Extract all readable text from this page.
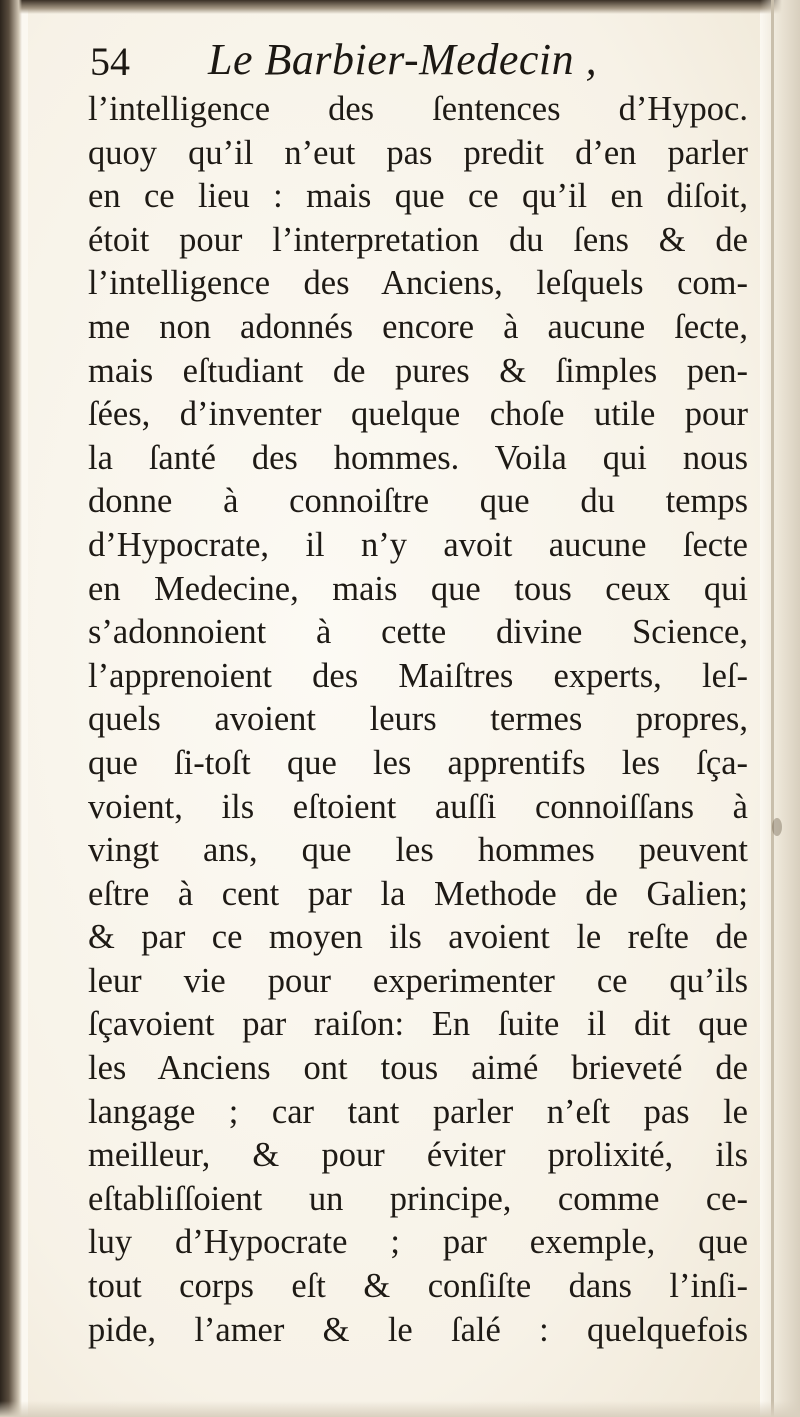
54 Le Barbier-Medecin ,
l’intelligence des ſentences d’Hypoc.
quoy qu’il n’eut pas predit d’en parler
en ce lieu : mais que ce qu’il en diſoit,
étoit pour l’interpretation du ſens & de
l’intelligence des Anciens, leſquels com-
me non adonnés encore à aucune ſecte,
mais eſtudiant de pures & ſimples pen-
ſées, d’inventer quelque choſe utile pour
la ſanté des hommes. Voila qui nous
donne à connoiſtre que du temps
d’Hypocrate, il n’y avoit aucune ſecte
en Medecine, mais que tous ceux qui
s’adonnoient à cette divine Science,
l’apprenoient des Maiſtres experts, leſ-
quels avoient leurs termes propres,
que ſi-toſt que les apprentifs les ſça-
voient, ils eſtoient auſſi connoiſſans à
vingt ans, que les hommes peuvent
eſtre à cent par la Methode de Galien;
& par ce moyen ils avoient le reſte de
leur vie pour experimenter ce qu’ils
ſçavoient par raiſon: En ſuite il dit que
les Anciens ont tous aimé brieveté de
langage ; car tant parler n’eſt pas le
meilleur, & pour éviter prolixité, ils
eſtabliſſoient un principe, comme ce-
luy d’Hypocrate ; par exemple, que
tout corps eſt & conſiſte dans l’inſi-
pide, l’amer & le ſalé : quelquefois
